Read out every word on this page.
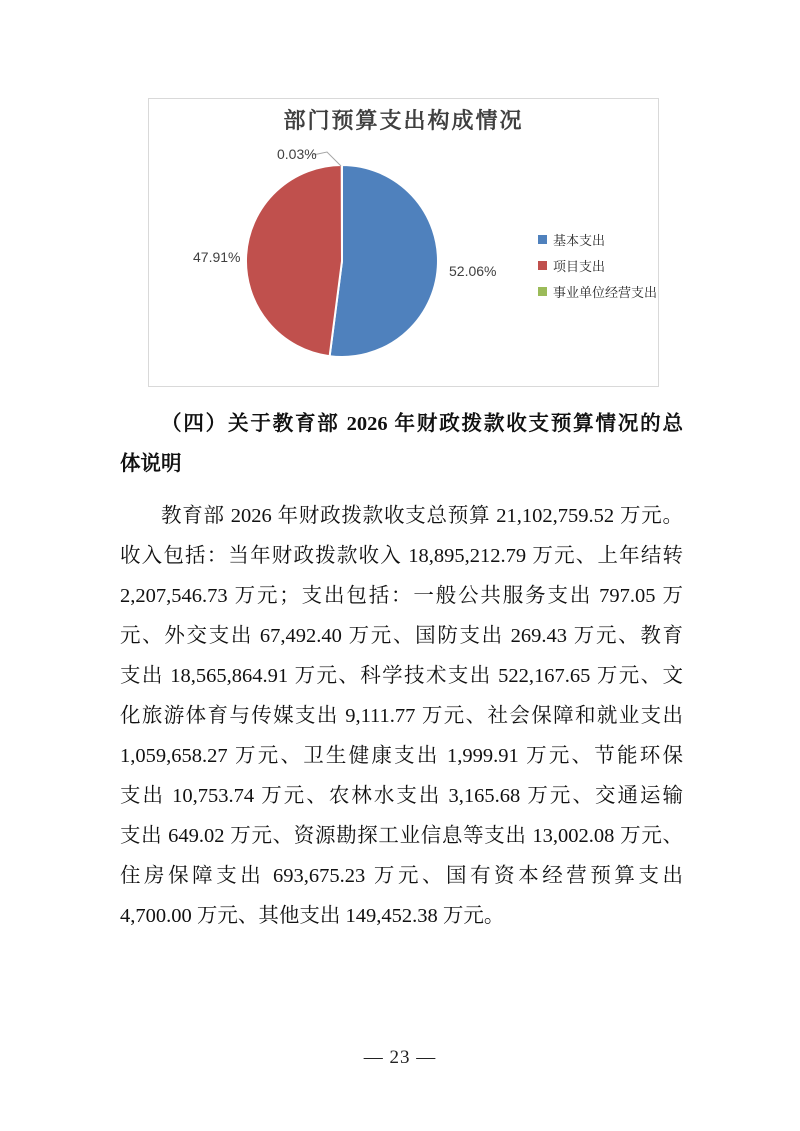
部门预算支出构成情况
52.06%
47.91%
0.03%
基本支出
项目支出
事业单位经营支出
（四）关于教育部 2026 年财政拨款收支预算情况的总
体说明
教育部 2026 年财政拨款收支总预算 21,102,759.52 万元。
收入包括：当年财政拨款收入 18,895,212.79 万元、上年结转
2,207,546.73 万元；支出包括：一般公共服务支出 797.05 万
元、外交支出 67,492.40 万元、国防支出 269.43 万元、教育
支出 18,565,864.91 万元、科学技术支出 522,167.65 万元、文
化旅游体育与传媒支出 9,111.77 万元、社会保障和就业支出
1,059,658.27 万元、卫生健康支出 1,999.91 万元、节能环保
支出 10,753.74 万元、农林水支出 3,165.68 万元、交通运输
支出 649.02 万元、资源勘探工业信息等支出 13,002.08 万元、
住房保障支出 693,675.23 万元、国有资本经营预算支出
4,700.00 万元、其他支出 149,452.38 万元。
— 23 —
